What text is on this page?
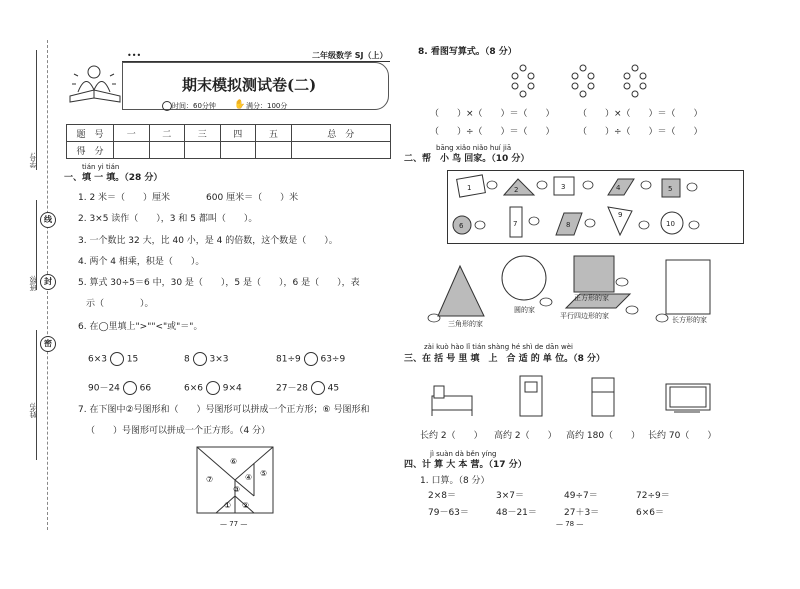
学号:
班级:
姓名:
线
封
密
•••	二年级数学 SJ（上）
期末模拟测试卷(二)
时间：60分钟	满分：100分
✋
题　号	一	二	三	四	五	总　分
得　分						
tián yi tián
一、填 一 填。（28 分）
1. 2 米＝（　　）厘米　　　　600 厘米＝（　　）米
2. 3×5 读作（　　），3 和 5 都叫（　　）。
3. 一个数比 32 大，比 40 小，是 4 的倍数，这个数是（　　）。
4. 两个 4 相乘，积是（　　）。
5. 算式 30÷5＝6 中，30 是（　　），5 是（　　），6 是（　　），表
示（　　　　）。
6. 在◯里填上">""<"或"＝"。
6×3 15	8 3×3	81÷9 63÷9
90－24 66	6×6 9×4	27－28 45
7. 在下图中②号图形和（　　）号图形可以拼成一个正方形；⑥ 号图形和
（　　）号图形可以拼成一个正方形。（4 分）
⑥
⑦	④
③
① ②
⑤
— 77 —
8. 看图写算式。（8 分）
（　　）×（　　）＝（　　）	（　　）×（　　）＝（　　）
（　　）÷（　　）＝（　　）	（　　）÷（　　）＝（　　）
bāng xiǎo niǎo huí jiā
二、帮　小 鸟 回家。（10 分）
1	2	3	4	5
6	7	8
9
10
三角形的家
圆的家
正方形的家
平行四边形的家	长方形的家
zài kuò hào lǐ tián shàng hé shì de dān wèi
三、在 括 号 里 填　上　合 适 的 单 位。（8 分）
长约 2（　　） 高约 2（　　） 高约 180（　　） 长约 70（　　）
jì suàn dà běn yíng
四、计 算 大 本 营。（17 分）
1. 口算。（8 分）
2×8＝	3×7＝	49÷7＝	72÷9＝
79－63＝	48－21＝	27＋3＝	6×6＝
— 78 —
